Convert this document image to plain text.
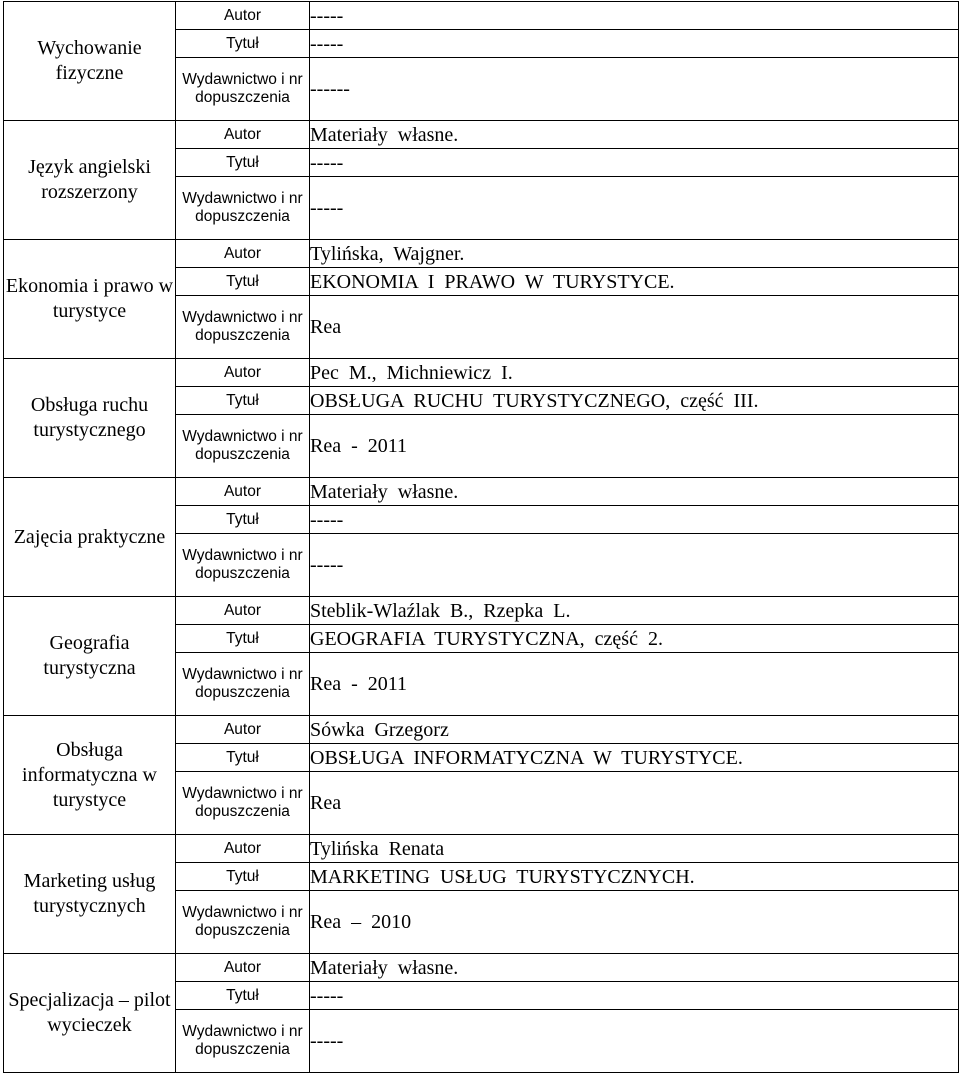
Wychowanie fizyczne	Autor	-----
	Tytuł	-----
	Wydawnictwo i nr dopuszczenia	------
Język angielski rozszerzony	Autor	Materiały  własne.
	Tytuł	-----
	Wydawnictwo i nr dopuszczenia	-----
Ekonomia i prawo w turystyce	Autor	Tylińska,  Wajgner.
	Tytuł	EKONOMIA  I  PRAWO  W  TURYSTYCE.
	Wydawnictwo i nr dopuszczenia	Rea
Obsługa ruchu turystycznego	Autor	Pec  M.,  Michniewicz  I.
	Tytuł	OBSŁUGA  RUCHU  TURYSTYCZNEGO,  część  III.
	Wydawnictwo i nr dopuszczenia	Rea  -  2011
Zajęcia praktyczne	Autor	Materiały  własne.
	Tytuł	-----
	Wydawnictwo i nr dopuszczenia	-----
Geografia turystyczna	Autor	Steblik-Wlaźlak  B.,  Rzepka  L.
	Tytuł	GEOGRAFIA  TURYSTYCZNA,  część  2.
	Wydawnictwo i nr dopuszczenia	Rea  -  2011
Obsługa informatyczna w turystyce	Autor	Sówka  Grzegorz
	Tytuł	OBSŁUGA  INFORMATYCZNA  W  TURYSTYCE.
	Wydawnictwo i nr dopuszczenia	Rea
Marketing usług turystycznych	Autor	Tylińska  Renata
	Tytuł	MARKETING  USŁUG  TURYSTYCZNYCH.
	Wydawnictwo i nr dopuszczenia	Rea  –  2010
Specjalizacja – pilot wycieczek	Autor	Materiały  własne.
	Tytuł	-----
	Wydawnictwo i nr dopuszczenia	-----
